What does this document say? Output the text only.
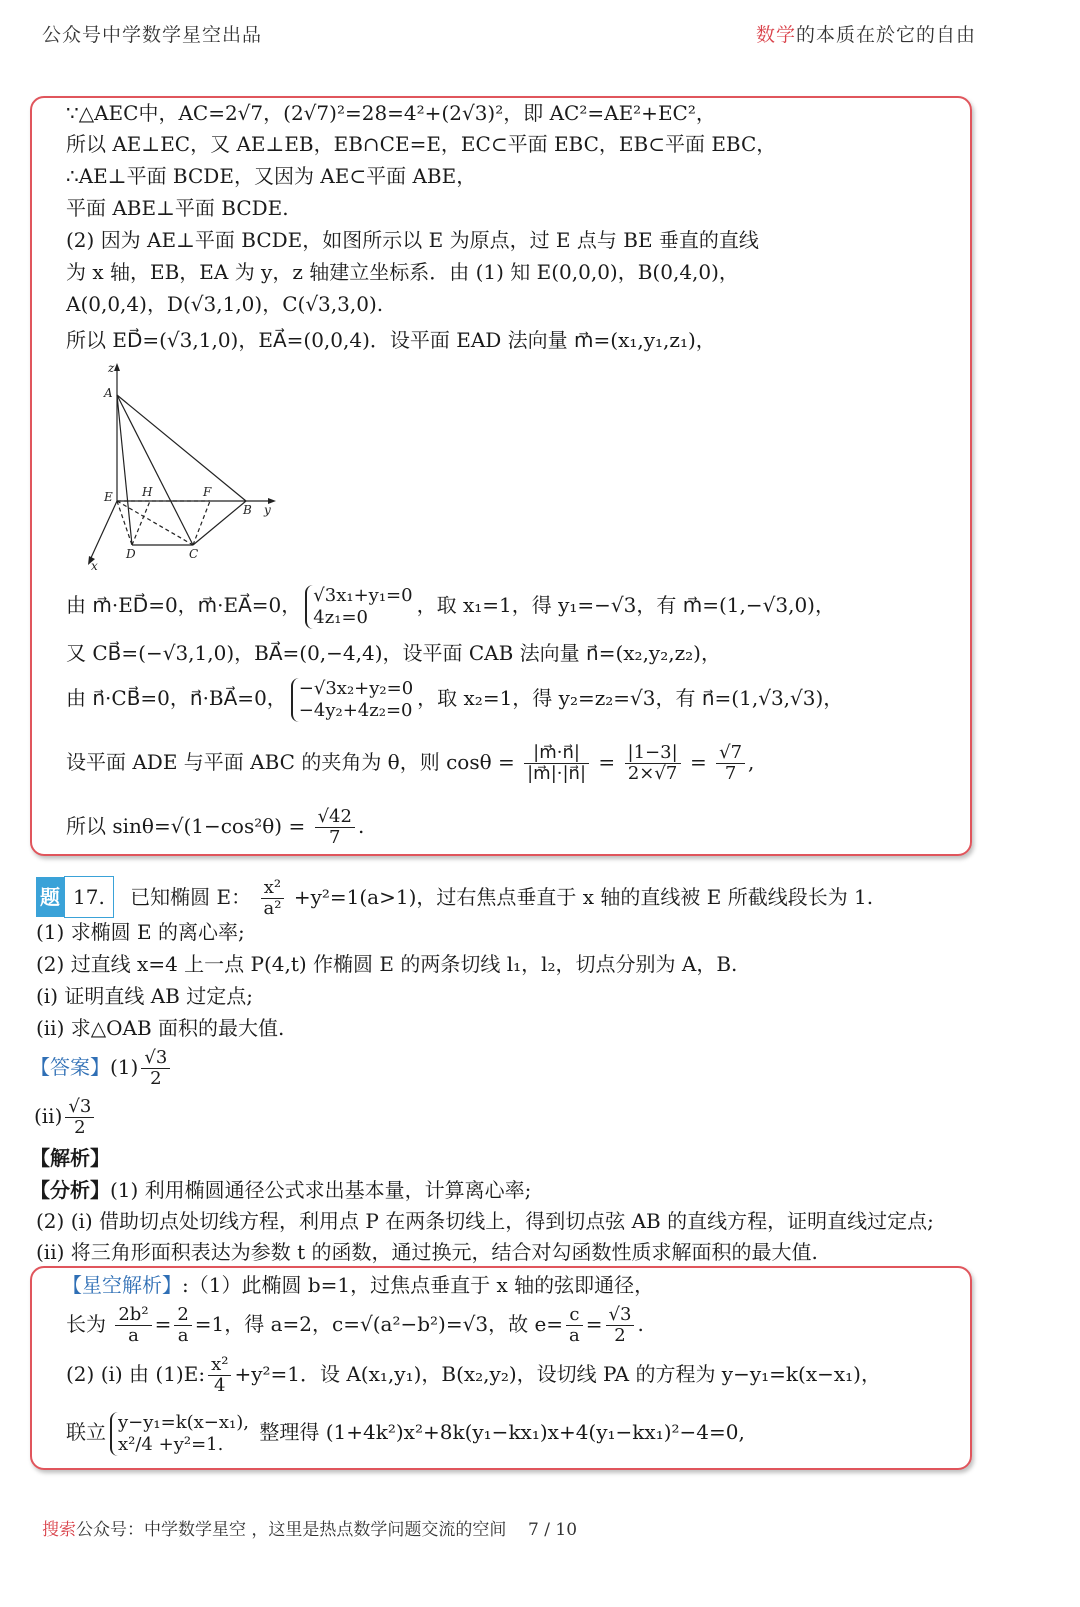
公众号中学数学星空出品	数学的本质在於它的自由
∵△AEC中，AC=2√7，(2√7)²=28=4²+(2√3)²，即 AC²=AE²+EC²，
所以 AE⊥EC，又 AE⊥EB，EB∩CE=E，EC⊂平面 EBC，EB⊂平面 EBC，
∴AE⊥平面 BCDE，又因为 AE⊂平面 ABE，
平面 ABE⊥平面 BCDE.
(2) 因为 AE⊥平面 BCDE，如图所示以 E 为原点，过 E 点与 BE 垂直的直线
为 x 轴，EB，EA 为 y，z 轴建立坐标系．由 (1) 知 E(0,0,0)，B(0,4,0)，
A(0,0,4)，D(√3,1,0)，C(√3,3,0).
所以 ED⃗=(√3,1,0)，EA⃗=(0,0,4)．设平面 EAD 法向量 m⃗=(x₁,y₁,z₁)，
z
A
E H	F
B y
D	C
x
由 m⃗·ED⃗=0，m⃗·EA⃗=0， √3x₁+y₁=0
4z₁=0	，取 x₁=1，得 y₁=−√3，有 m⃗=(1,−√3,0)，
又 CB⃗=(−√3,1,0)，BA⃗=(0,−4,4)，设平面 CAB 法向量 n⃗=(x₂,y₂,z₂)，
由 n⃗·CB⃗=0，n⃗·BA⃗=0， −√3x₂+y₂=0
−4y₂+4z₂=0 ，取 x₂=1，得 y₂=z₂=√3，有 n⃗=(1,√3,√3)，
设平面 ADE 与平面 ABC 的夹角为 θ，则 $\cos\theta = \frac{|m⃗\cdot n⃗|}{|m⃗|\cdot|n⃗|} = \frac{|1-3|}{2\times√7} = \frac{√7}{7}$ ,
所以 $\sin\theta=√(1-\cos^2\theta) = \frac{√42}{7}$ .
题 17. 已知椭圆 E： $\frac{\text{x²}}{\text{a²}} +y^2=1(a>1)$，过右焦点垂直于 x 轴的直线被 E 所截线段长为 1.
(1) 求椭圆 E 的离心率;
(2) 过直线 x=4 上一点 P(4,t) 作椭圆 E 的两条切线 l₁，l₂，切点分别为 A，B.
(ⅰ) 证明直线 AB 过定点;
(ⅱ) 求△OAB 面积的最大值.
【答案】$(1) \frac{√3}{2}$
(ⅱ) $\frac{√3}{2}$
【解析】
【分析】(1) 利用椭圆通径公式求出基本量，计算离心率;
(2) (i) 借助切点处切线方程，利用点 P 在两条切线上，得到切点弦 AB 的直线方程，证明直线过定点;
(ii) 将三角形面积表达为参数 t 的函数，通过换元，结合对勾函数性质求解面积的最大值.
【星空解析】:（1）此椭圆 b=1，过焦点垂直于 x 轴的弦即通径，
长为 $\frac{\text{2b²}}{a} = \frac{2}{a} =1$，得 a=2，c=√(a²−b²)=√3，故 $e= \frac{c}{a} = \frac{√3}{2}$ .
(2) (ⅰ) 由 (1)E: $\frac{\text{x²}}{4} +y^2=1$．设 A(x₁,y₁)，B(x₂,y₂)，设切线 PA 的方程为 y−y₁=k(x−x₁)，
联立 y−y₁=k(x−x₁),
x²/4 +y²=1.	整理得 (1+4k²)x²+8k(y₁−kx₁)x+4(y₁−kx₁)²−4=0,
搜索公众号：中学数学星空 ，这里是热点数学问题交流的空间 7 / 10
